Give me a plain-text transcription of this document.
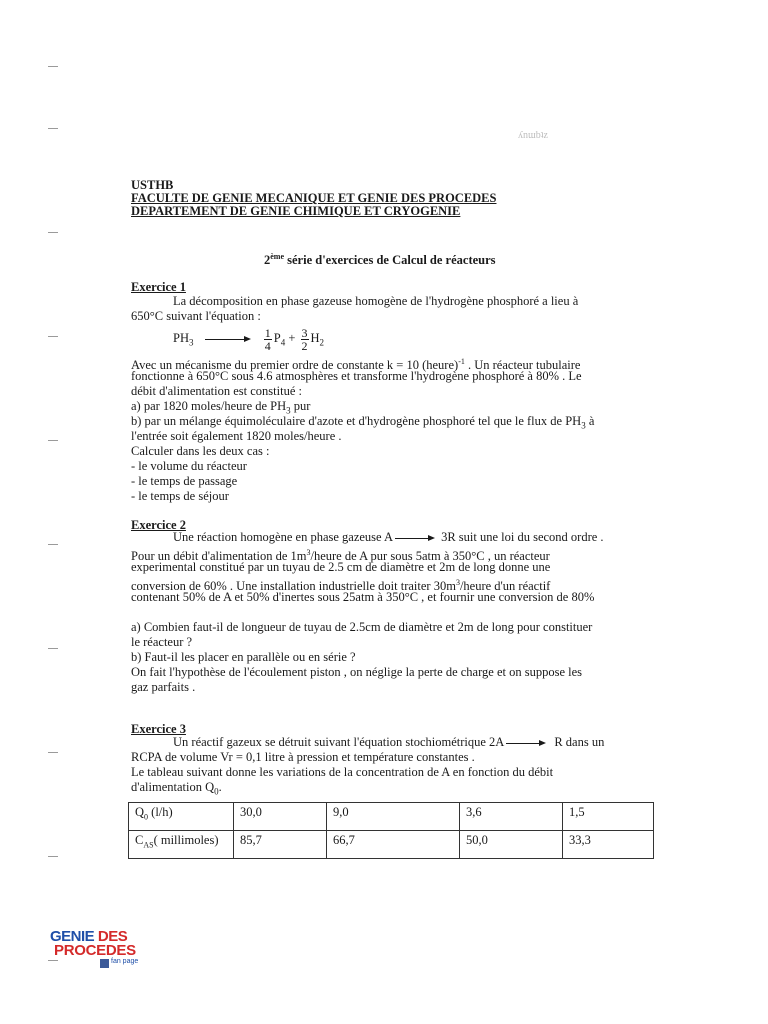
ʎnɯbʇz
USTHB
FACULTE DE GENIE MECANIQUE ET GENIE DES PROCEDES
DEPARTEMENT DE GENIE CHIMIQUE ET CRYOGENIE
2ème série d'exercices de Calcul de réacteurs
Exercice 1
La décomposition en phase gazeuse homogène de l'hydrogène phosphoré a lieu à
650°C suivant l'équation :
$PH_3$	$\frac{1}{4} P_4 + \frac{3}{2} H_2$
Avec un mécanisme du premier ordre de constante k = 10 (heure)$^{-1}$ . Un réacteur tubulaire
fonctionne à 650°C sous 4.6 atmosphères et transforme l'hydrogène phosphoré à 80% . Le
débit d'alimentation est constitué :
a) par 1820 moles/heure de $PH_3$ pur
b) par un mélange équimoléculaire d'azote et d'hydrogène phosphoré tel que le flux de $PH_3$ à
l'entrée soit également 1820 moles/heure .
Calculer dans les deux cas :
- le volume du réacteur
- le temps de passage
- le temps de séjour
Exercice 2
Une réaction homogène en phase gazeuse A	3R suit une loi du second ordre .
Pour un débit d'alimentation de $1m^3$/heure de A pur sous 5atm à 350°C , un réacteur
experimental constitué par un tuyau de 2.5 cm de diamètre et 2m de long donne une
conversion de 60% . Une installation industrielle doit traiter $30m^3$/heure d'un réactif
contenant 50% de A et 50% d'inertes sous 25atm à 350°C , et fournir une conversion de 80%
a) Combien faut-il de longueur de tuyau de 2.5cm de diamètre et 2m de long pour constituer
le réacteur ?
b) Faut-il les placer en parallèle ou en série ?
On fait l'hypothèse de l'écoulement piston , on néglige la perte de charge et on suppose les
gaz parfaits .
Exercice 3
Un réactif gazeux se détruit suivant l'équation stochiométrique 2A	R dans un
RCPA de volume Vr = 0,1 litre à pression et température constantes .
Le tableau suivant donne les variations de la concentration de A en fonction du débit
d'alimentation $Q_0$.
$Q_0$ (l/h)	30,0	9,0	3,6	1,5
$C_{AS}$( millimoles)	85,7	66,7	50,0	33,3
GENIE DES
PROCEDES
fan page
